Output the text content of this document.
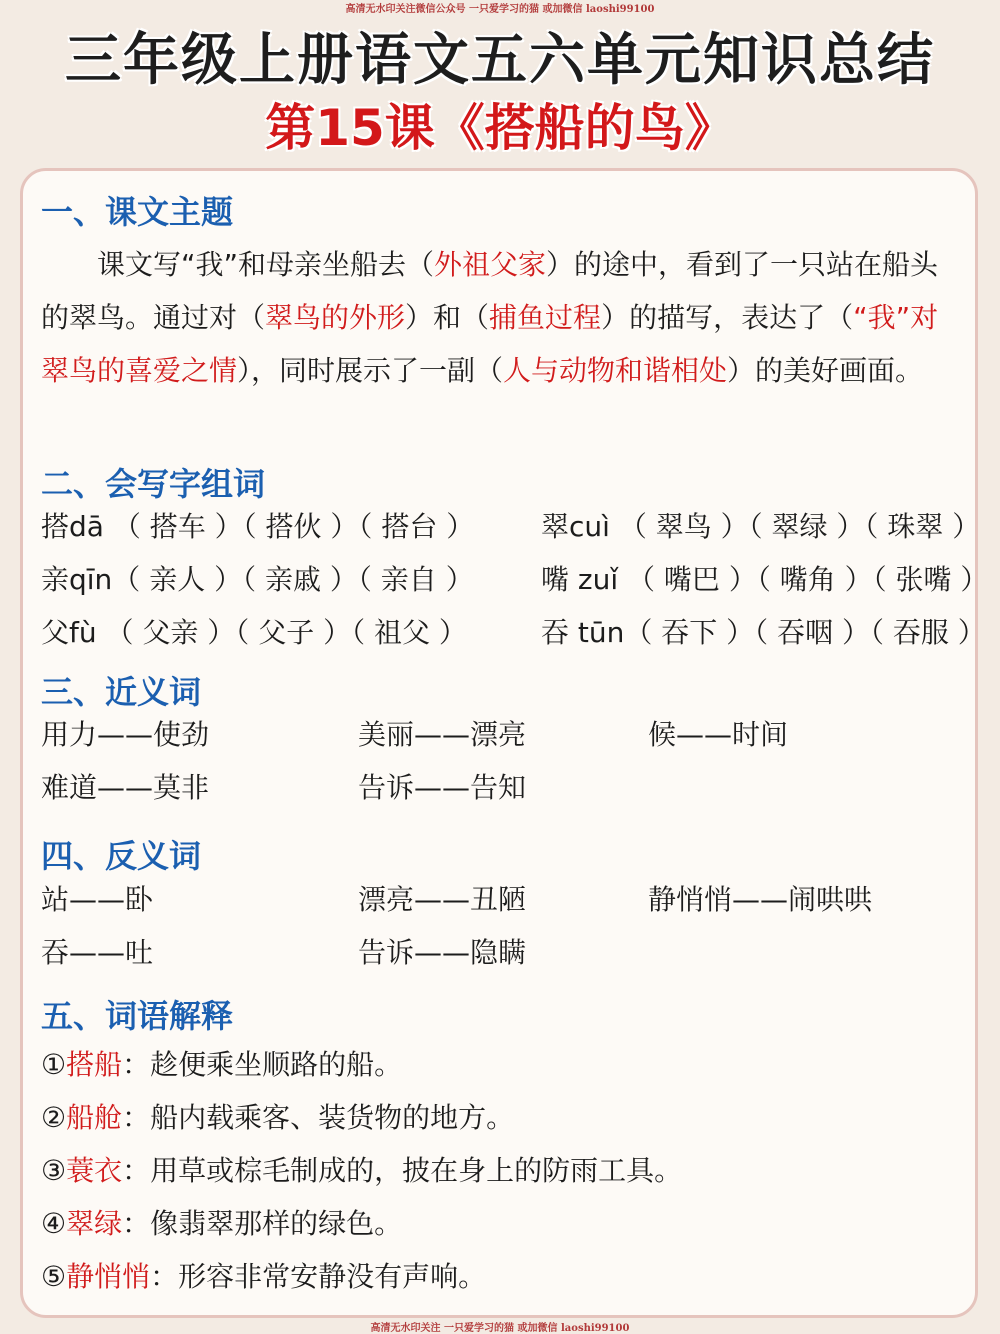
高清无水印关注微信公众号 一只爱学习的猫 或加微信 laoshi99100
三年级上册语文五六单元知识总结
第15课《搭船的鸟》
一、课文主题
课文写“我”和母亲坐船去（外祖父家）的途中，看到了一只站在船头的翠鸟。通过对（翠鸟的外形）和（捕鱼过程）的描写，表达了（“我”对翠鸟的喜爱之情），同时展示了一副（人与动物和谐相处）的美好画面。
二、会写字组词
搭dā （ 搭车 ）（ 搭伙 ）（ 搭台 ） 翠cuì （ 翠鸟 ）（ 翠绿 ）（ 珠翠 ）
亲qīn（ 亲人 ）（ 亲戚 ）（ 亲自 ） 嘴 zuǐ （ 嘴巴 ）（ 嘴角 ）（ 张嘴 ）
父fù （ 父亲 ）（ 父子 ）（ 祖父 ）	吞 tūn（ 吞下 ）（ 吞咽 ）（ 吞服 ）
三、近义词
用力——使劲	美丽——漂亮	候——时间
难道——莫非	告诉——告知
四、反义词
站——卧	漂亮——丑陋	静悄悄——闹哄哄
吞——吐	告诉——隐瞒
五、词语解释
①搭船：趁便乘坐顺路的船。
②船舱：船内载乘客、装货物的地方。
③蓑衣：用草或棕毛制成的，披在身上的防雨工具。
④翠绿：像翡翠那样的绿色。
⑤静悄悄：形容非常安静没有声响。
高清无水印关注 一只爱学习的猫 或加微信 laoshi99100
